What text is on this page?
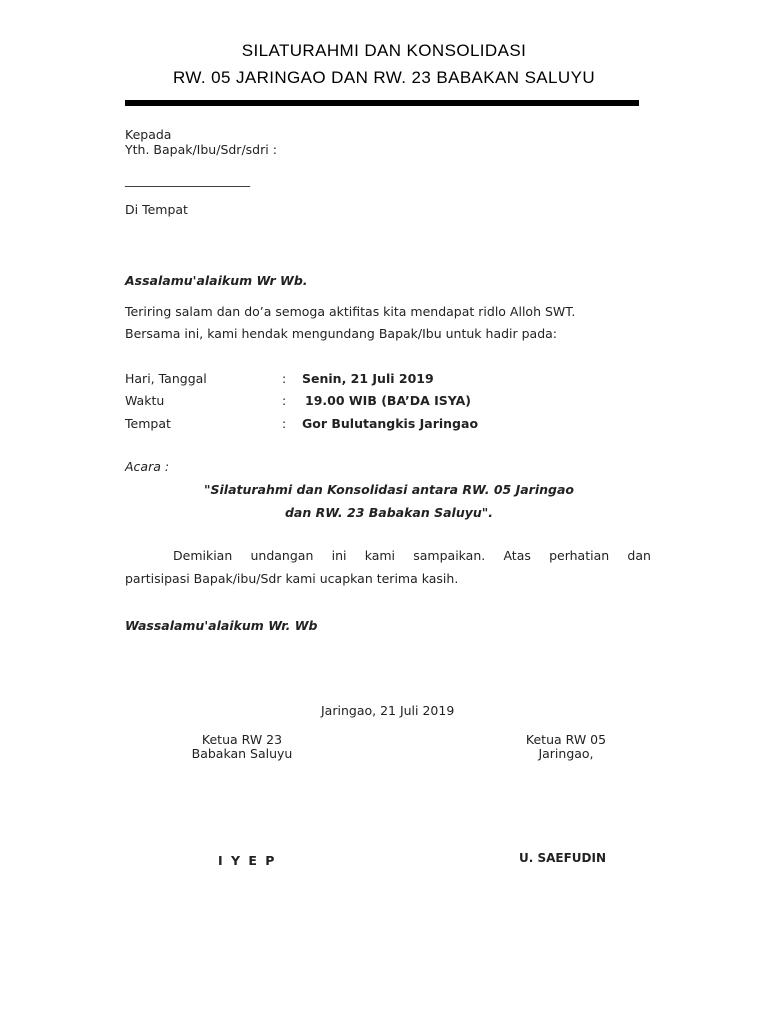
SILATURAHMI DAN KONSOLIDASI
RW. 05 JARINGAO DAN RW. 23 BABAKAN SALUYU
Kepada
Yth. Bapak/Ibu/Sdr/sdri :
____________________
Di Tempat
Assalamu'alaikum Wr Wb.
Teriring salam dan do’a semoga aktifitas kita mendapat ridlo Alloh SWT.
Bersama ini, kami hendak mengundang Bapak/Ibu untuk hadir pada:
Hari, Tanggal	: Senin, 21 Juli 2019
Waktu	: 19.00 WIB (BA’DA ISYA)
Tempat	: Gor Bulutangkis Jaringao
Acara :
"Silaturahmi dan Konsolidasi antara RW. 05 Jaringao
dan RW. 23 Babakan Saluyu".
Demikian undangan ini kami sampaikan. Atas perhatian dan
partisipasi Bapak/ibu/Sdr kami ucapkan terima kasih.
Wassalamu'alaikum Wr. Wb
Jaringao, 21 Juli 2019
Ketua RW 23
Babakan Saluyu
I Y E P
Ketua RW 05
Jaringao,
U. SAEFUDIN
